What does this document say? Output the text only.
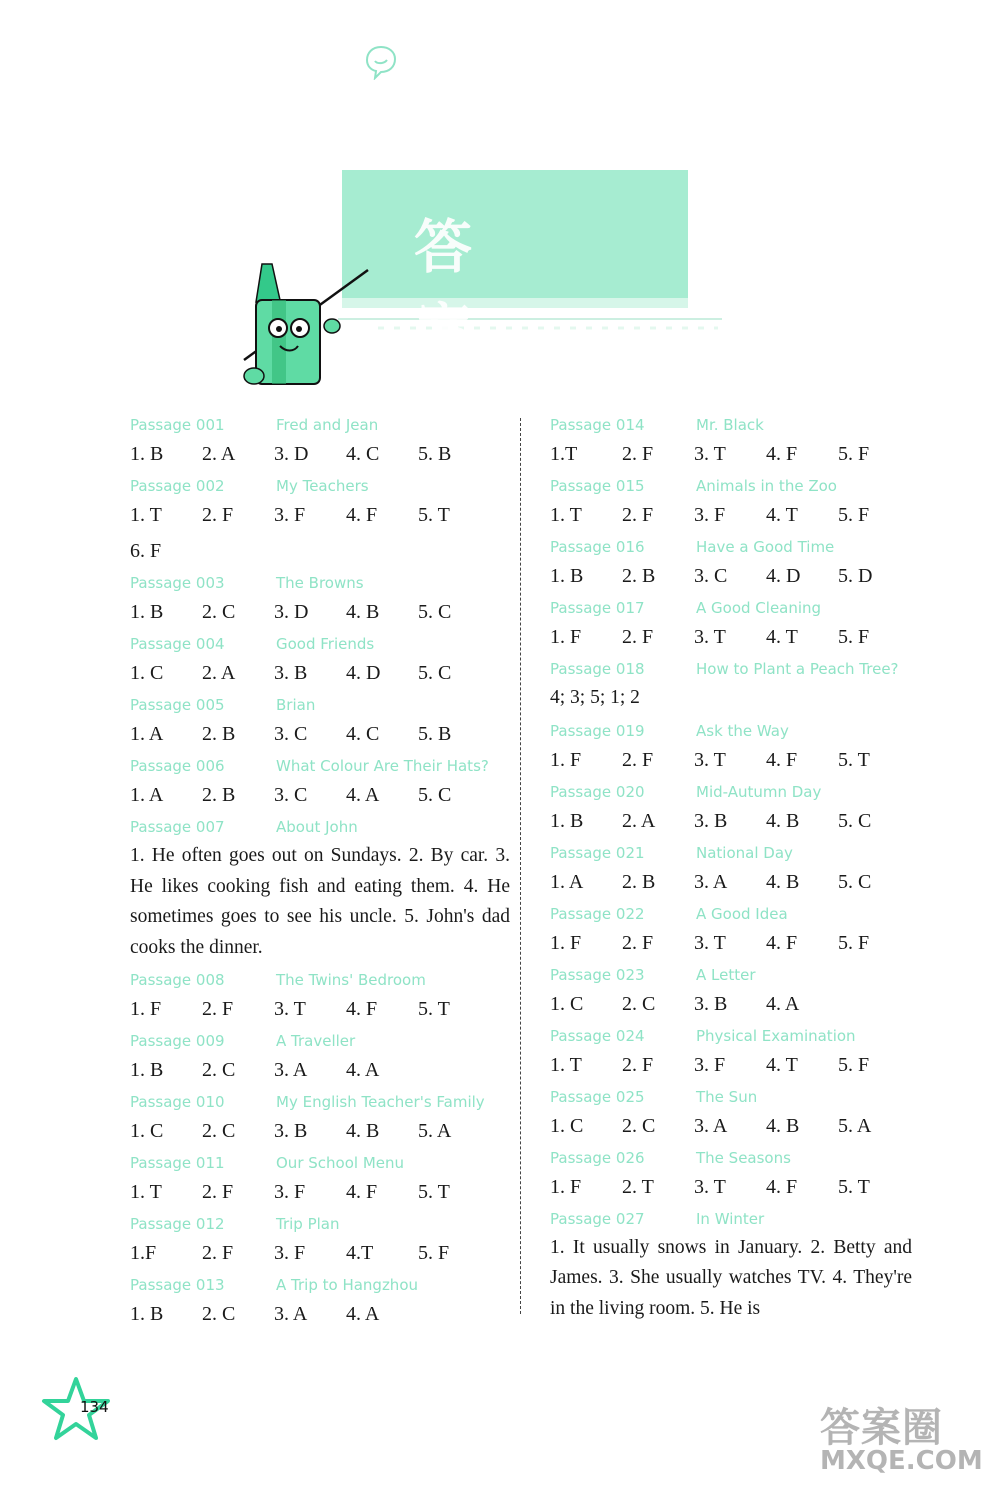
答 案
Passage 001	Fred and Jean
1. B 2. A 3. D 4. C 5. B
Passage 002	My Teachers
1. T 2. F 3. F 4. F 5. T
6. F
Passage 003	The Browns
1. B 2. C 3. D 4. B 5. C
Passage 004	Good Friends
1. C 2. A 3. B 4. D 5. C
Passage 005	Brian
1. A 2. B 3. C 4. C 5. B
Passage 006	What Colour Are Their Hats?
1. A 2. B 3. C 4. A 5. C
Passage 007	About John
1. He often goes out on Sundays. 2. By car. 3. He likes cooking fish and eating them. 4. He sometimes goes to see his uncle. 5. John's dad cooks the dinner.
Passage 008	The Twins' Bedroom
1. F 2. F 3. T 4. F 5. T
Passage 009	A Traveller
1. B 2. C 3. A 4. A
Passage 010	My English Teacher's Family
1. C 2. C 3. B 4. B 5. A
Passage 011	Our School Menu
1. T 2. F 3. F 4. F 5. T
Passage 012	Trip Plan
1.F 2. F 3. F 4.T 5. F
Passage 013	A Trip to Hangzhou
1. B 2. C 3. A 4. A
Passage 014	Mr. Black
1.T 2. F 3. T 4. F 5. F
Passage 015	Animals in the Zoo
1. T 2. F 3. F 4. T 5. F
Passage 016	Have a Good Time
1. B 2. B 3. C 4. D 5. D
Passage 017	A Good Cleaning
1. F 2. F 3. T 4. T 5. F
Passage 018	How to Plant a Peach Tree?
4; 3; 5; 1; 2
Passage 019	Ask the Way
1. F 2. F 3. T 4. F 5. T
Passage 020	Mid-Autumn Day
1. B 2. A 3. B 4. B 5. C
Passage 021	National Day
1. A 2. B 3. A 4. B 5. C
Passage 022	A Good Idea
1. F 2. F 3. T 4. F 5. F
Passage 023	A Letter
1. C 2. C 3. B 4. A
Passage 024	Physical Examination
1. T 2. F 3. F 4. T 5. F
Passage 025	The Sun
1. C 2. C 3. A 4. B 5. A
Passage 026	The Seasons
1. F 2. T 3. T 4. F 5. T
Passage 027	In Winter
1. It usually snows in January. 2. Betty and James. 3. She usually watches TV. 4. They're in the living room. 5. He is
134	答案圈
MXQE.COM
